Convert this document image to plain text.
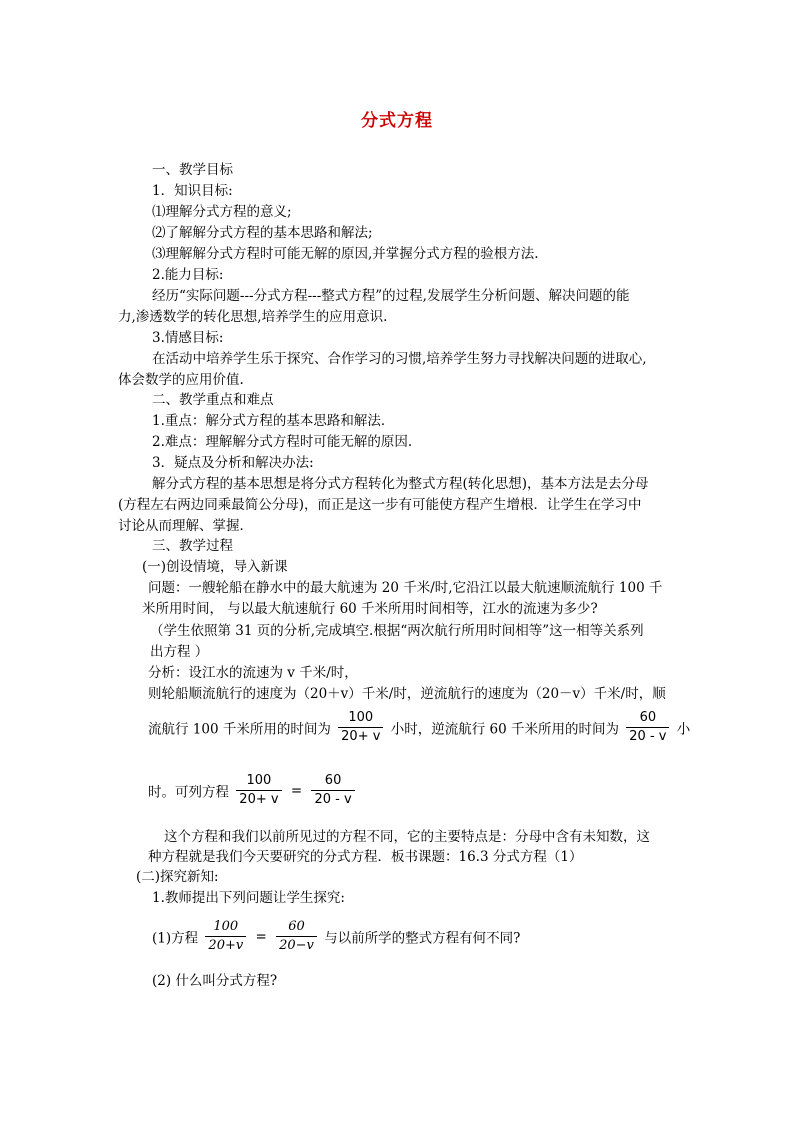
分式方程
一、教学目标
1．知识目标:
⑴理解分式方程的意义;
⑵了解解分式方程的基本思路和解法;
⑶理解解分式方程时可能无解的原因,并掌握分式方程的验根方法.
2.能力目标:
经历“实际问题---分式方程---整式方程”的过程,发展学生分析问题、解决问题的能
力,渗透数学的转化思想,培养学生的应用意识.
3.情感目标:
在活动中培养学生乐于探究、合作学习的习惯,培养学生努力寻找解决问题的进取心,
体会数学的应用价值.
二、教学重点和难点
1.重点：解分式方程的基本思路和解法．
2.难点：理解解分式方程时可能无解的原因.
3．疑点及分析和解决办法:
解分式方程的基本思想是将分式方程转化为整式方程(转化思想)，基本方法是去分母
(方程左右两边同乘最简公分母)，而正是这一步有可能使方程产生增根．让学生在学习中
讨论从而理解、掌握．
三、教学过程
(一)创设情境，导入新课
问题：一艘轮船在静水中的最大航速为 20 千米/时,它沿江以最大航速顺流航行 100 千
米所用时间， 与以最大航速航行 60 千米所用时间相等，江水的流速为多少?
（学生依照第 31 页的分析,完成填空.根据“两次航行所用时间相等”这一相等关系列
出方程 ）
分析：设江水的流速为 v 千米/时，
则轮船顺流航行的速度为（20＋v）千米/时，逆流航行的速度为（20－v）千米/时，顺
流航行 100 千米所用的时间为 $\frac{100}{20+ v}$ 小时，逆流航行 60 千米所用的时间为 $\frac{60}{20 - v}$ 小
时。可列方程 $\frac{100}{20+ v} = \frac{60}{20 - v}$
这个方程和我们以前所见过的方程不同，它的主要特点是：分母中含有未知数，这
种方程就是我们今天要研究的分式方程．板书课题：16.3 分式方程（1）
(二)探究新知:
1.教师提出下列问题让学生探究:
(1)方程 $\frac{100}{20+v} = \frac{60}{20-v}$ 与以前所学的整式方程有何不同?
(2) 什么叫分式方程?
